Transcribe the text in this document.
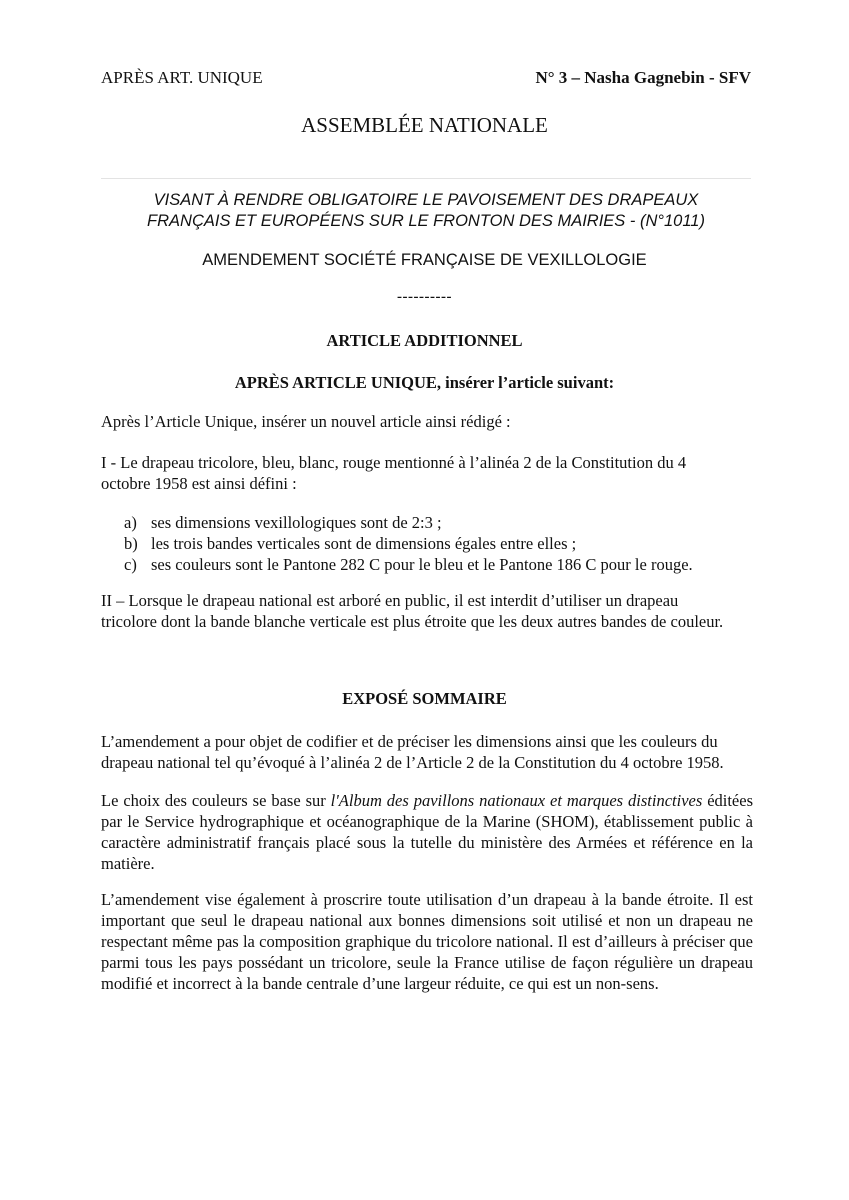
APRÈS ART. UNIQUE	N° 3 – Nasha Gagnebin - SFV
ASSEMBLÉE NATIONALE
VISANT À RENDRE OBLIGATOIRE LE PAVOISEMENT DES DRAPEAUX
FRANÇAIS ET EUROPÉENS SUR LE FRONTON DES MAIRIES - (N°1011)
AMENDEMENT SOCIÉTÉ FRANÇAISE DE VEXILLOLOGIE
----------
ARTICLE ADDITIONNEL
APRÈS ARTICLE UNIQUE, insérer l’article suivant:
Après l’Article Unique, insérer un nouvel article ainsi rédigé :
I - Le drapeau tricolore, bleu, blanc, rouge mentionné à l’alinéa 2 de la Constitution du 4
octobre 1958 est ainsi défini :
a) ses dimensions vexillologiques sont de 2:3 ;
b) les trois bandes verticales sont de dimensions égales entre elles ;
c) ses couleurs sont le Pantone 282 C pour le bleu et le Pantone 186 C pour le rouge.
II – Lorsque le drapeau national est arboré en public, il est interdit d’utiliser un drapeau
tricolore dont la bande blanche verticale est plus étroite que les deux autres bandes de couleur.
EXPOSÉ SOMMAIRE
L’amendement a pour objet de codifier et de préciser les dimensions ainsi que les couleurs du
drapeau national tel qu’évoqué à l’alinéa 2 de l’Article 2 de la Constitution du 4 octobre 1958.
Le choix des couleurs se base sur l'Album des pavillons nationaux et marques distinctives éditées par le Service hydrographique et océanographique de la Marine (SHOM), établissement public à caractère administratif français placé sous la tutelle du ministère des Armées et référence en la matière.
L’amendement vise également à proscrire toute utilisation d’un drapeau à la bande étroite. Il est important que seul le drapeau national aux bonnes dimensions soit utilisé et non un drapeau ne respectant même pas la composition graphique du tricolore national. Il est d’ailleurs à préciser que parmi tous les pays possédant un tricolore, seule la France utilise de façon régulière un drapeau modifié et incorrect à la bande centrale d’une largeur réduite, ce qui est un non-sens.
